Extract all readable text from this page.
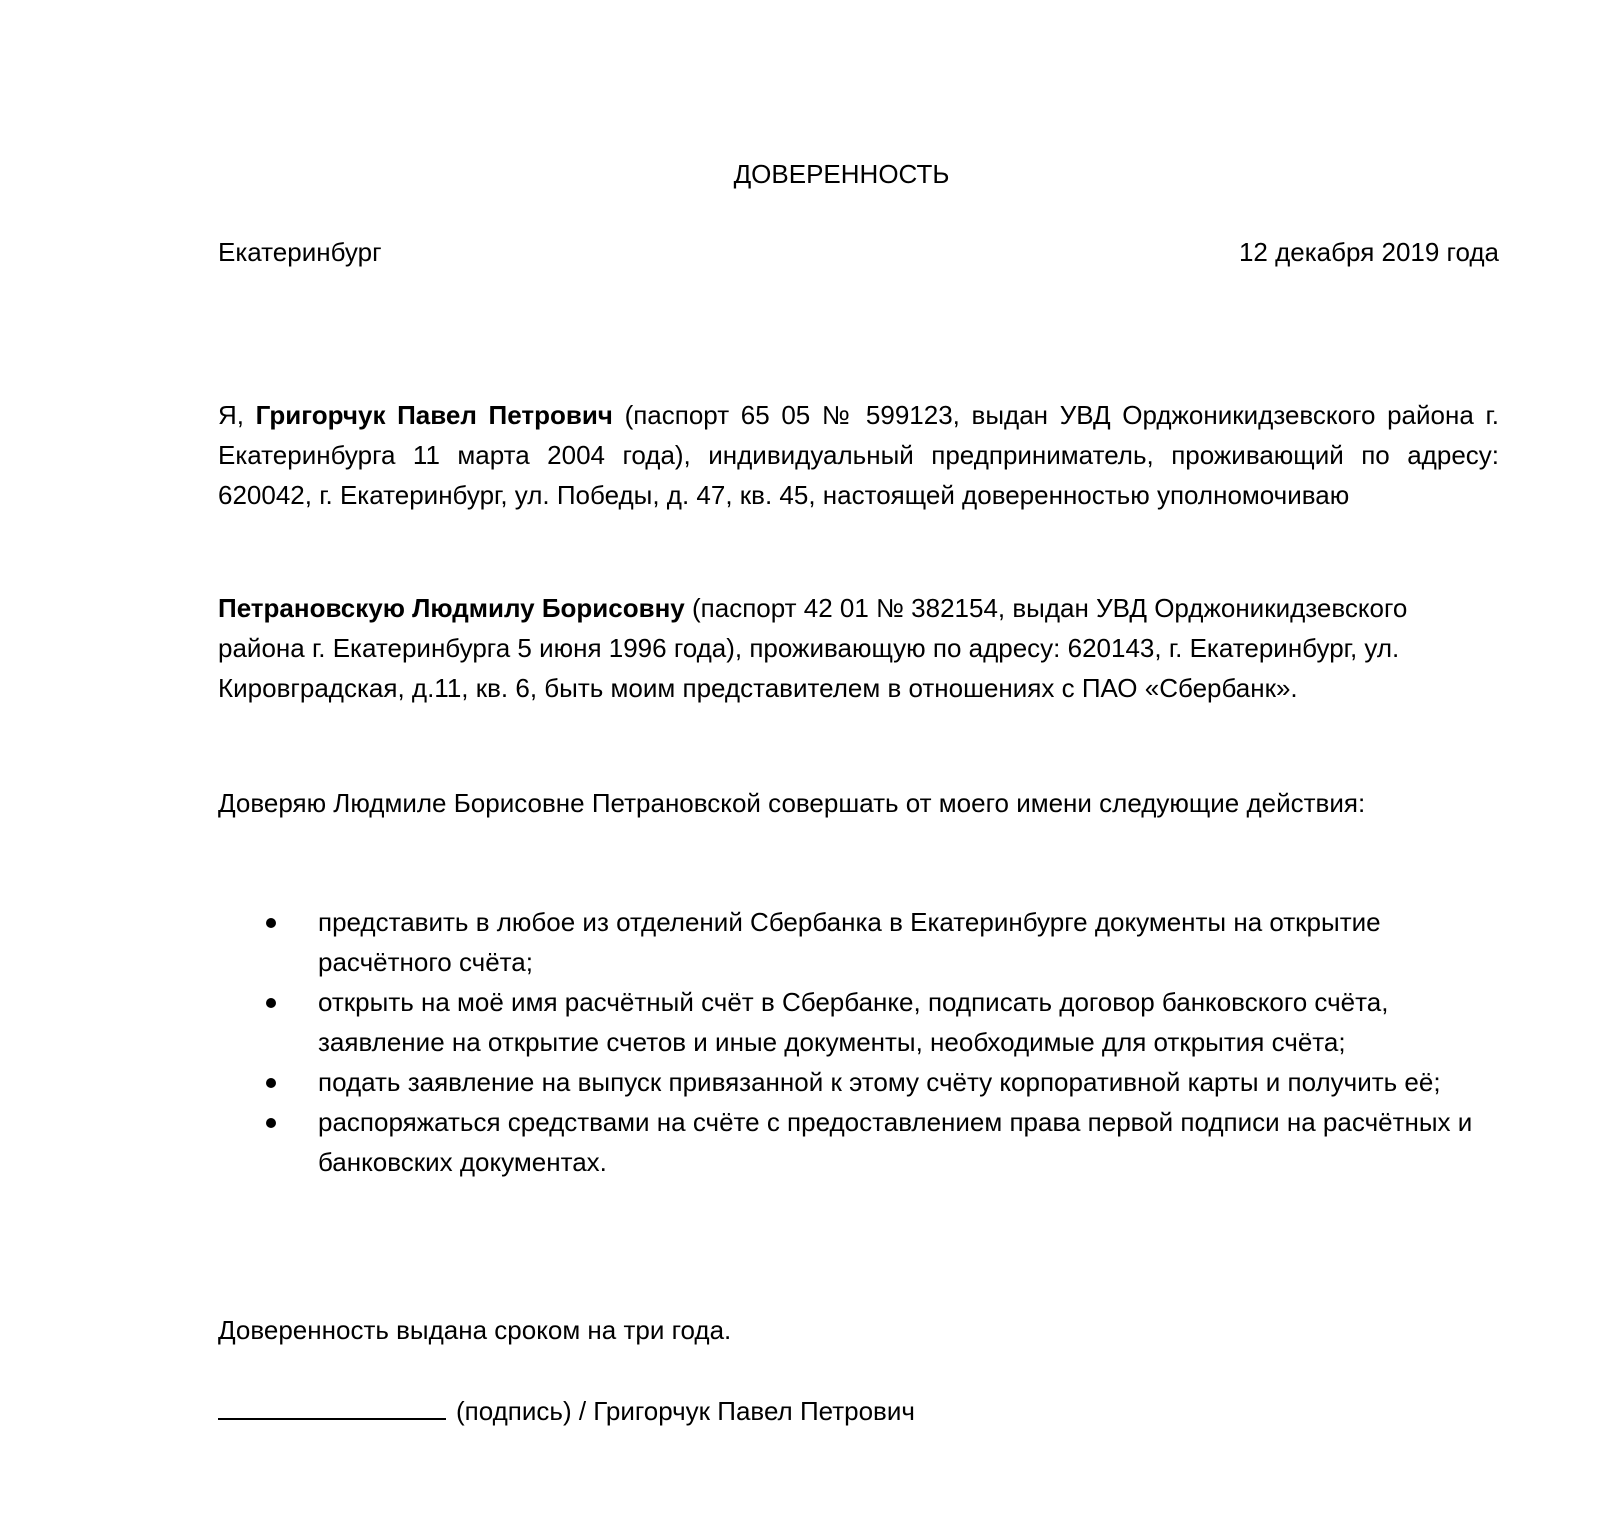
ДОВЕРЕННОСТЬ
Екатеринбург	12 декабря 2019 года

Я, Григорчук Павел Петрович (паспорт 65 05 № 599123, выдан УВД Орджоникидзевского района г. Екатеринбурга 11 марта 2004 года), индивидуальный предприниматель, проживающий по адресу: 620042, г. Екатеринбург, ул. Победы, д. 47, кв. 45, настоящей доверенностью уполномочиваю

Петрановскую Людмилу Борисовну (паспорт 42 01 № 382154, выдан УВД Орджоникидзевского района г. Екатеринбурга 5 июня 1996 года), проживающую по адресу: 620143, г. Екатеринбург, ул. Кировградская, д.11, кв. 6, быть моим представителем в отношениях с ПАО «Сбербанк».

Доверяю Людмиле Борисовне Петрановской совершать от моего имени следующие действия:

представить в любое из отделений Сбербанка в Екатеринбурге документы на открытие расчётного счёта;
открыть на моё имя расчётный счёт в Сбербанке, подписать договор банковского счёта, заявление на открытие счетов и иные документы, необходимые для открытия счёта;
подать заявление на выпуск привязанной к этому счёту корпоративной карты и получить её;
распоряжаться средствами на счёте с предоставлением права первой подписи на расчётных и банковских документах.

Доверенность выдана сроком на три года.

(подпись) / Григорчук Павел Петрович
